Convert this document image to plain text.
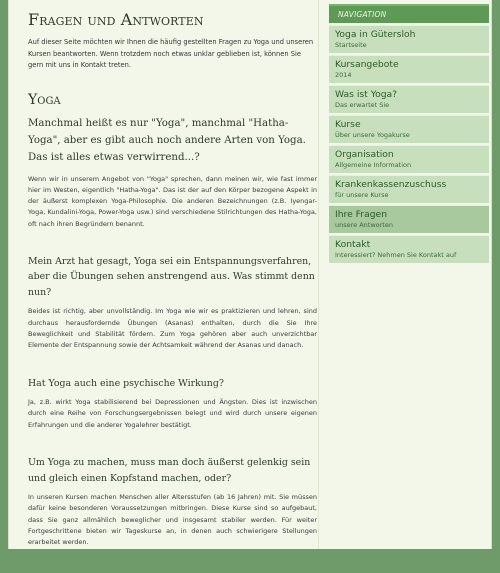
Fragen und Antworten

Auf dieser Seite möchten wir Ihnen die häufig gestellten Fragen zu Yoga und unseren Kursen beantworten. Wenn trotzdem noch etwas unklar geblieben ist, können Sie gern mit uns in Kontakt treten.

Yoga
Manchmal heißt es nur "Yoga", manchmal "Hatha-Yoga", aber es gibt auch noch andere Arten von Yoga. Das ist alles etwas verwirrend...?

Wenn wir in unserem Angebot von "Yoga" sprechen, dann meinen wir, wie fast immer hier im Westen, eigentlich "Hatha-Yoga". Das ist der auf den Körper bezogene Aspekt in der äußerst komplexen Yoga-Philosophie. Die anderen Bezeichnungen (z.B. Iyengar-Yoga, Kundalini-Yoga, Power-Yoga usw.) sind verschiedene Stilrichtungen des Hatha-Yoga, oft nach ihren Begründern benannt.

Mein Arzt hat gesagt, Yoga sei ein Entspannungsverfahren, aber die Übungen sehen anstrengend aus. Was stimmt denn nun?

Beides ist richtig, aber unvollständig. Im Yoga wie wir es praktizieren und lehren, sind durchaus herausfordernde Übungen (Asanas) enthalten, durch die Sie Ihre Beweglichkeit und Stabilität fördern. Zum Yoga gehören aber auch unverzichtbar Elemente der Entspannung sowie der Achtsamkeit während der Asanas und danach.

Hat Yoga auch eine psychische Wirkung?

Ja, z.B. wirkt Yoga stabilisierend bei Depressionen und Ängsten. Dies ist inzwischen durch eine Reihe von Forschungsergebnissen belegt und wird durch unsere eigenen Erfahrungen und die anderer Yogalehrer bestätigt.

Um Yoga zu machen, muss man doch äußerst gelenkig sein und gleich einen Kopfstand machen, oder?

In unseren Kursen machen Menschen aller Altersstufen (ab 16 Jahren) mit. Sie müssen dafür keine besonderen Voraussetzungen mitbringen. Diese Kurse sind so aufgebaut, dass Sie ganz allmählich beweglicher und insgesamt stabiler werden. Für weiter Fortgeschrittene bieten wir Tageskurse an, in denen auch schwierigere Stellungen erarbeitet werden.

NAVIGATION
Yoga in Gütersloh
Startseite
Kursangebote
2014
Was ist Yoga?
Das erwartet Sie
Kurse
Über unsere Yogakurse
Organisation
Allgemeine Information
Krankenkassenzuschuss
für unsere Kurse
Ihre Fragen
unsere Antworten
Kontakt
Interessiert? Nehmen Sie Kontakt auf
